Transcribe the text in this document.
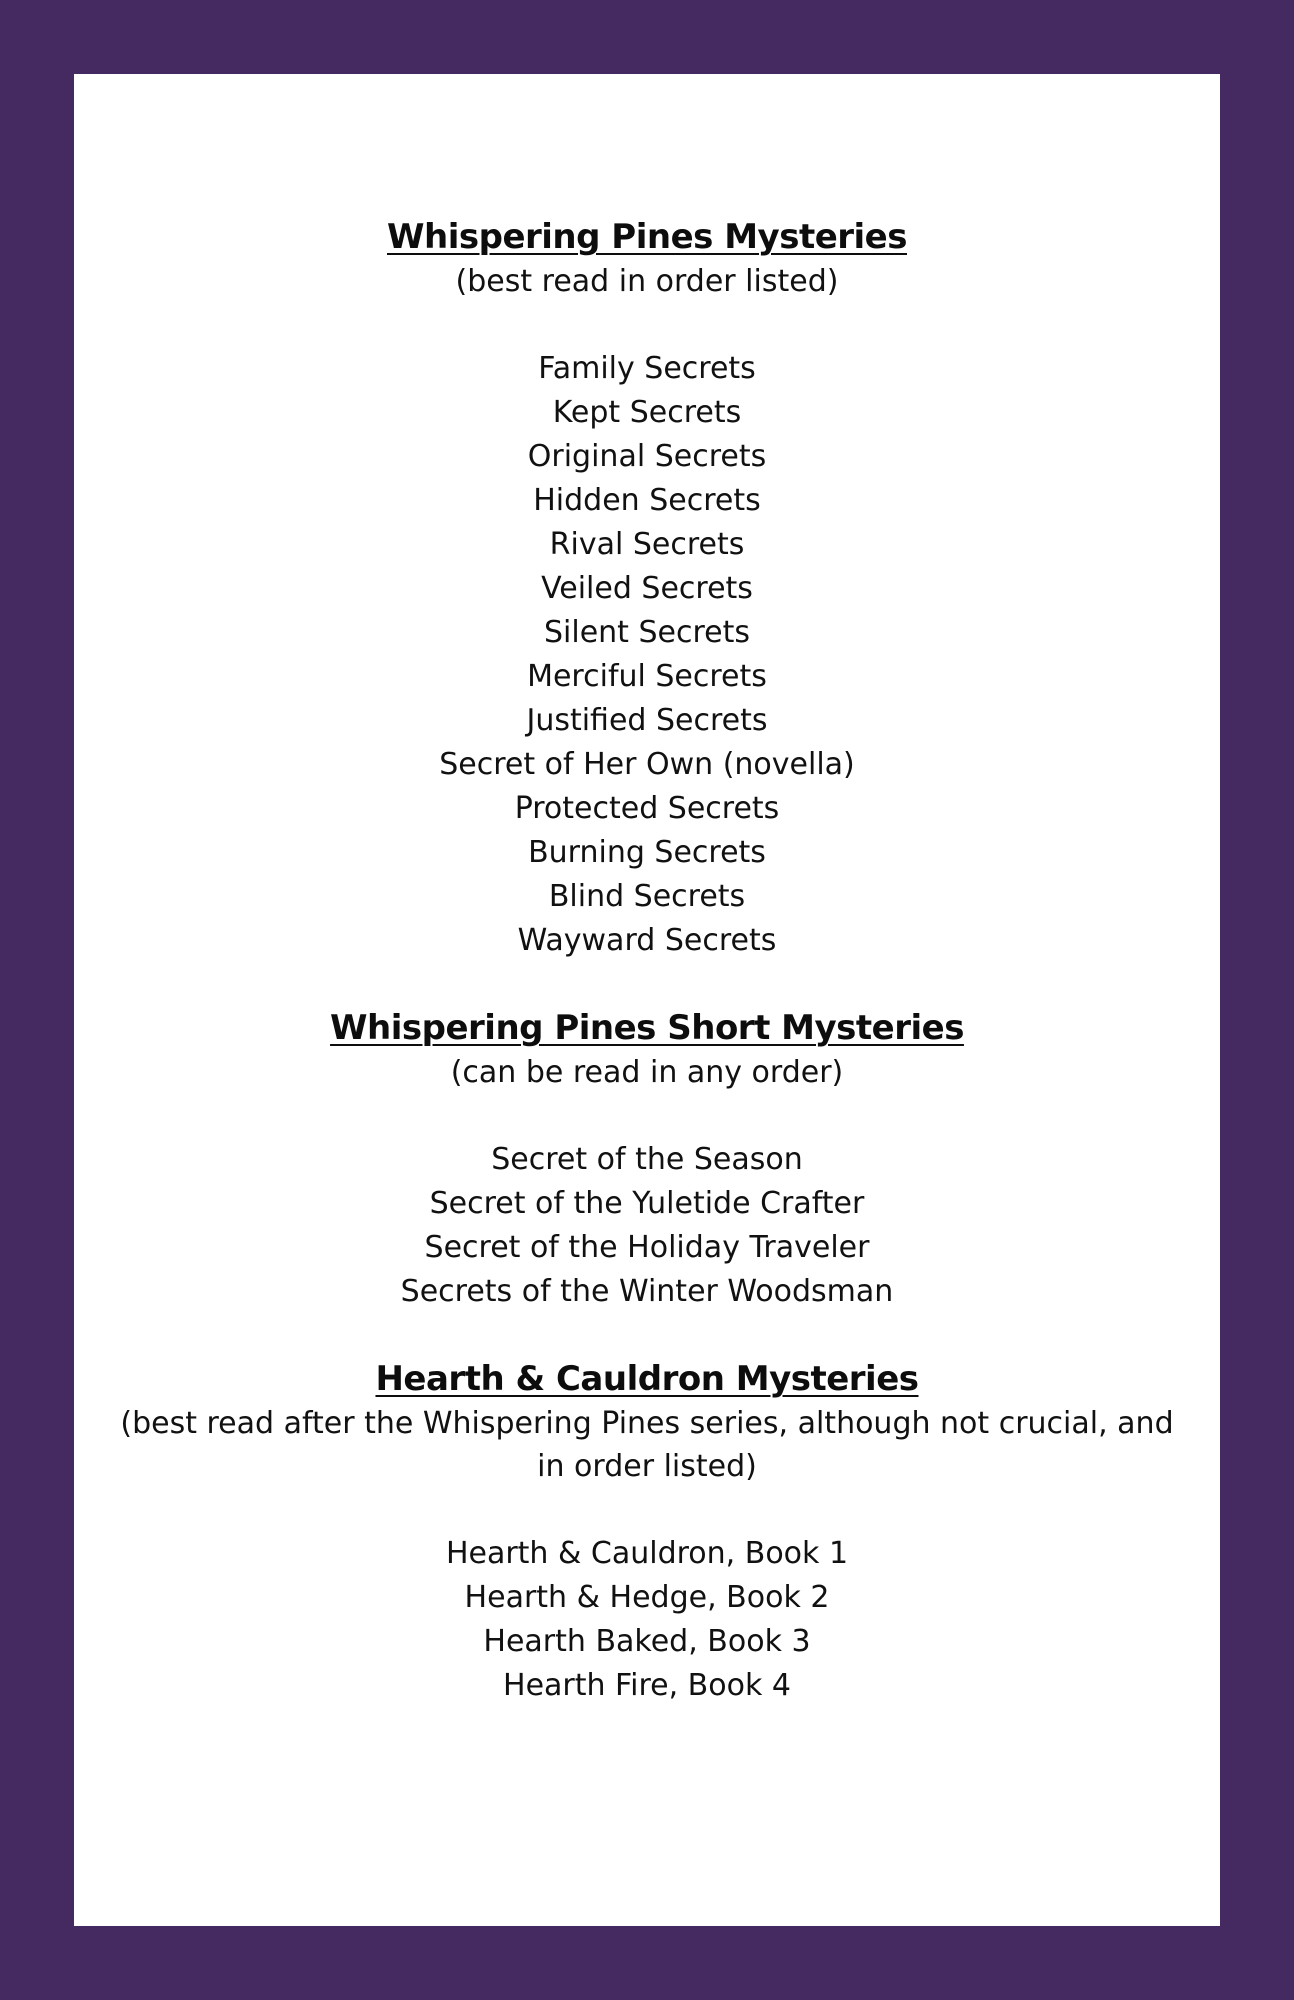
Whispering Pines Mysteries

(best read in order listed)

Family Secrets
Kept Secrets
Original Secrets
Hidden Secrets
Rival Secrets
Veiled Secrets
Silent Secrets
Merciful Secrets
Justified Secrets
Secret of Her Own (novella)
Protected Secrets
Burning Secrets
Blind Secrets
Wayward Secrets
Whispering Pines Short Mysteries

(can be read in any order)

Secret of the Season
Secret of the Yuletide Crafter
Secret of the Holiday Traveler
Secrets of the Winter Woodsman
Hearth & Cauldron Mysteries

(best read after the Whispering Pines series, although not crucial, and in order listed)

Hearth & Cauldron, Book 1
Hearth & Hedge, Book 2
Hearth Baked, Book 3
Hearth Fire, Book 4
